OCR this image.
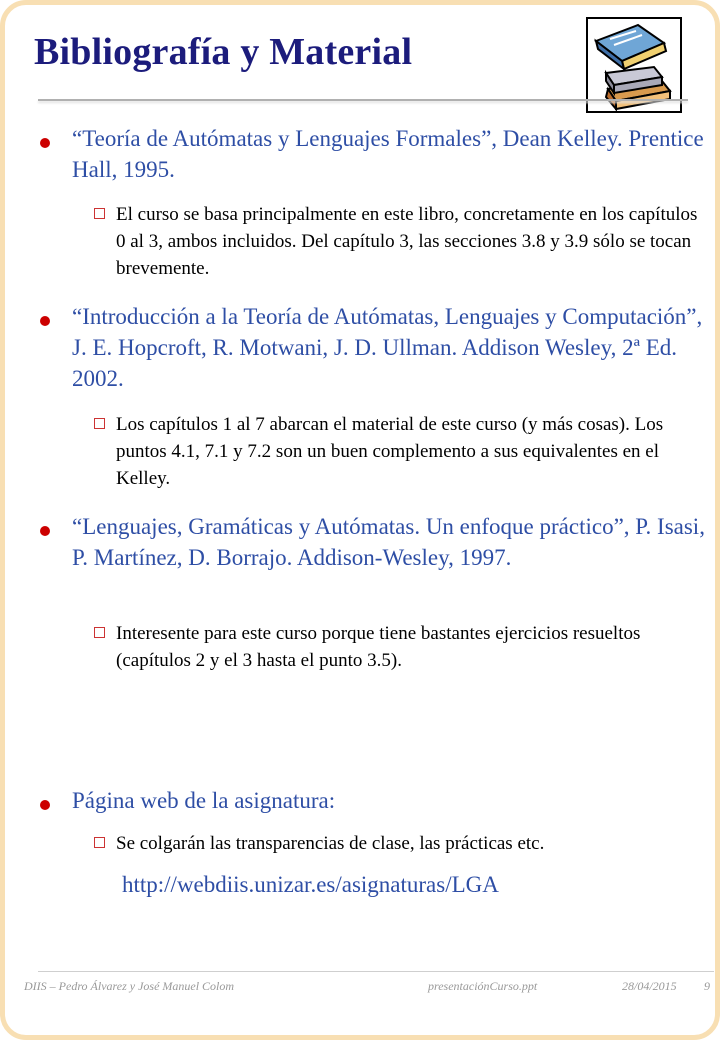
Bibliografía y Material
“Teoría de Autómatas y Lenguajes Formales”, Dean Kelley. Prentice Hall, 1995.
El curso se basa principalmente en este libro, concretamente en los capítulos 0 al 3, ambos incluidos. Del capítulo 3, las secciones 3.8 y 3.9 sólo se tocan brevemente.
“Introducción a la Teoría de Autómatas, Lenguajes y Computación”, J. E. Hopcroft, R. Motwani, J. D. Ullman. Addison Wesley, 2ª Ed. 2002.
Los capítulos 1 al 7 abarcan el material de este curso (y más cosas). Los puntos 4.1, 7.1 y 7.2 son un buen complemento a sus equivalentes en el Kelley.
“Lenguajes, Gramáticas y Autómatas. Un enfoque práctico”, P. Isasi, P. Martínez, D. Borrajo. Addison-Wesley, 1997.
Interesente para este curso porque tiene bastantes ejercicios resueltos (capítulos 2 y el 3 hasta el punto 3.5).
Página web de la asignatura:
Se colgarán las transparencias de clase, las prácticas etc.
http://webdiis.unizar.es/asignaturas/LGA
DIIS – Pedro Álvarez y José Manuel Colom	presentaciónCurso.ppt	28/04/2015 9
